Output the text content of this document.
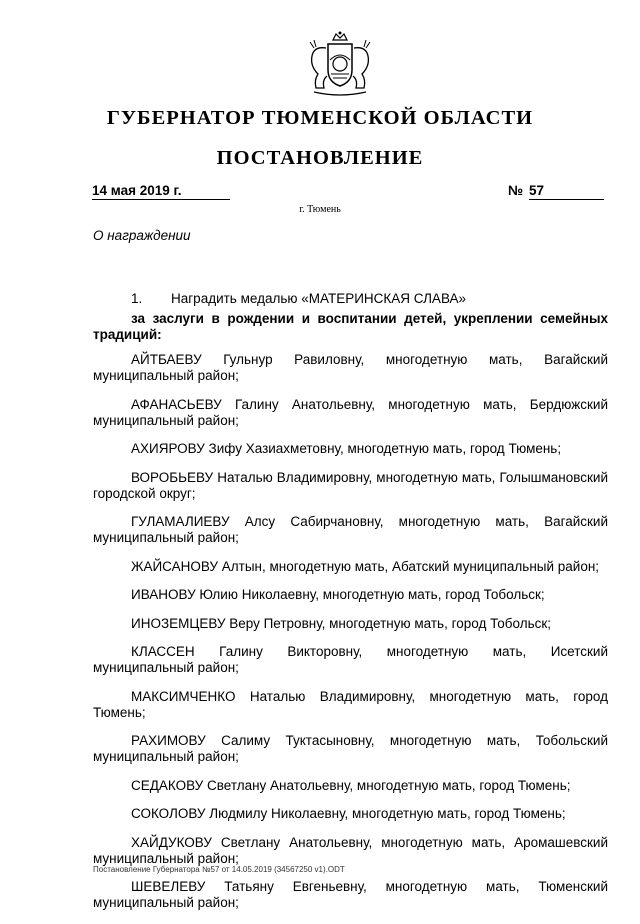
ГУБЕРНАТОР ТЮМЕНСКОЙ ОБЛАСТИ
ПОСТАНОВЛЕНИЕ
14 мая 2019 г.	№ 57
г. Тюмень
О награждении
1. Наградить медалью «МАТЕРИНСКАЯ СЛАВА»
за заслуги в рождении и воспитании детей, укреплении семейных традиций:
АЙТБАЕВУ Гульнур Равиловну, многодетную мать, Вагайский муниципальный район;
АФАНАСЬЕВУ Галину Анатольевну, многодетную мать, Бердюжский муниципальный район;
АХИЯРОВУ Зифу Хазиахметовну, многодетную мать, город Тюмень;
ВОРОБЬЕВУ Наталью Владимировну, многодетную мать, Голышмановский городской округ;
ГУЛАМАЛИЕВУ Алсу Сабирчановну, многодетную мать, Вагайский муниципальный район;
ЖАЙСАНОВУ Алтын, многодетную мать, Абатский муниципальный район;
ИВАНОВУ Юлию Николаевну, многодетную мать, город Тобольск;
ИНОЗЕМЦЕВУ Веру Петровну, многодетную мать, город Тобольск;
КЛАССЕН Галину Викторовну, многодетную мать, Исетский муниципальный район;
МАКСИМЧЕНКО Наталью Владимировну, многодетную мать, город Тюмень;
РАХИМОВУ Салиму Туктасыновну, многодетную мать, Тобольский муниципальный район;
СЕДАКОВУ Светлану Анатольевну, многодетную мать, город Тюмень;
СОКОЛОВУ Людмилу Николаевну, многодетную мать, город Тюмень;
ХАЙДУКОВУ Светлану Анатольевну, многодетную мать, Аромашевский муниципальный район;
ШЕВЕЛЕВУ Татьяну Евгеньевну, многодетную мать, Тюменский муниципальный район;
Постановление Губернатора №57 от 14.05.2019 (34567250 v1).ODT
